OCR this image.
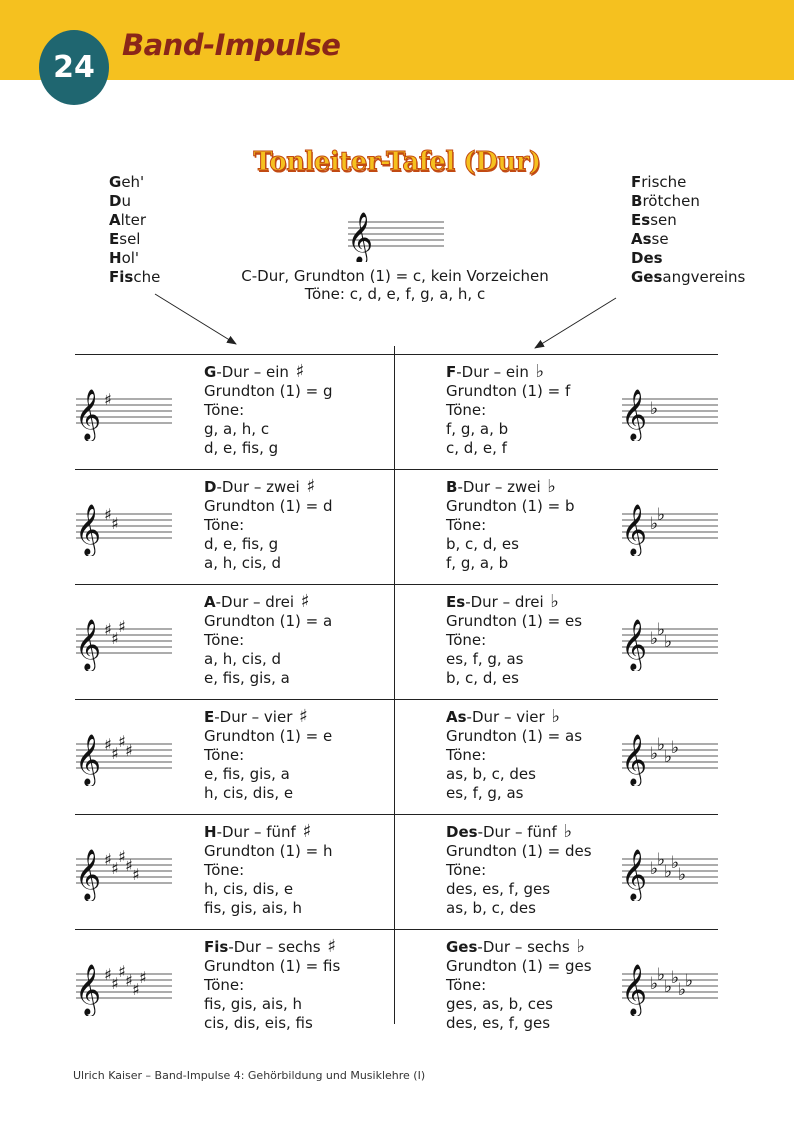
24
Band-Impulse
Tonleiter-Tafel (Dur)
Geh'
Du
Alter
Esel
Hol'
Fische
Frische
Brötchen
Essen
Asse
Des
Gesangvereins
𝄞
C-Dur, Grundton (1) = c, kein Vorzeichen
Töne: c, d, e, f, g, a, h, c
𝄞 ♯	𝄞 ♭
G-Dur – ein ♯
Grundton (1) = g
Töne:
g, a, h, c
d, e, fis, g
F-Dur – ein ♭
Grundton (1) = f
Töne:
f, g, a, b
c, d, e, f
𝄞 ♯ ♯	𝄞 ♭
♭
D-Dur – zwei ♯
Grundton (1) = d
Töne:
d, e, fis, g
a, h, cis, d
B-Dur – zwei ♭
Grundton (1) = b
Töne:
b, c, d, es
f, g, a, b
𝄞 ♯ ♯
♯	𝄞 ♭
♭
♭
A-Dur – drei ♯
Grundton (1) = a
Töne:
a, h, cis, d
e, fis, gis, a
Es-Dur – drei ♭
Grundton (1) = es
Töne:
es, f, g, as
b, c, d, es
𝄞 ♯ ♯
♯ ♯	𝄞 ♭
♭
♭
♭
E-Dur – vier ♯
Grundton (1) = e
Töne:
e, fis, gis, a
h, cis, dis, e
As-Dur – vier ♭
Grundton (1) = as
Töne:
as, b, c, des
es, f, g, as
𝄞 ♯ ♯
♯ ♯ ♯	𝄞 ♭
♭
♭
♭
♭
H-Dur – fünf ♯
Grundton (1) = h
Töne:
h, cis, dis, e
fis, gis, ais, h
Des-Dur – fünf ♭
Grundton (1) = des
Töne:
des, es, f, ges
as, b, c, des
𝄞 ♯ ♯
♯ ♯ ♯
♯	𝄞 ♭
♭
♭
♭
♭
♭
Fis-Dur – sechs ♯
Grundton (1) = fis
Töne:
fis, gis, ais, h
cis, dis, eis, fis
Ges-Dur – sechs ♭
Grundton (1) = ges
Töne:
ges, as, b, ces
des, es, f, ges
Ulrich Kaiser – Band-Impulse 4: Gehörbildung und Musiklehre (I)
